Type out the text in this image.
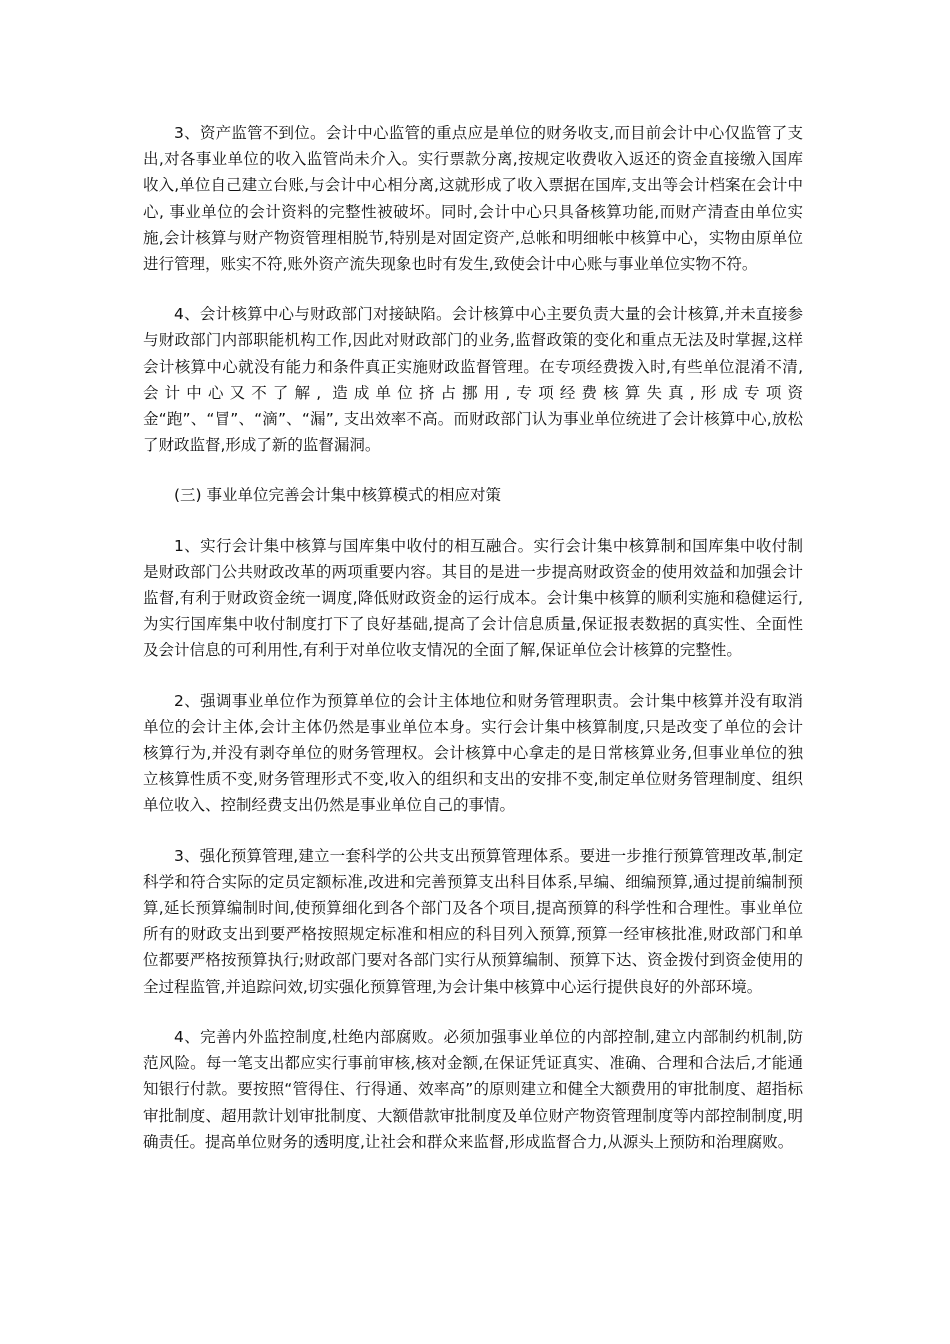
3、资产监管不到位。会计中心监管的重点应是单位的财务收支,而目前会计中心仅监管了支出,对各事业单位的收入监管尚未介入。实行票款分离,按规定收费收入返还的资金直接缴入国库收入,单位自己建立台账,与会计中心相分离,这就形成了收入票据在国库,支出等会计档案在会计中心, 事业单位的会计资料的完整性被破坏。同时,会计中心只具备核算功能,而财产清查由单位实施,会计核算与财产物资管理相脱节,特别是对固定资产,总帐和明细帐中核算中心，实物由原单位进行管理，账实不符,账外资产流失现象也时有发生,致使会计中心账与事业单位实物不符。

4、会计核算中心与财政部门对接缺陷。会计核算中心主要负责大量的会计核算,并未直接参与财政部门内部职能机构工作,因此对财政部门的业务,监督政策的变化和重点无法及时掌握,这样会计核算中心就没有能力和条件真正实施财政监督管理。在专项经费拨入时,有些单位混淆不清,会计中心又不了解, 造成单位挤占挪用,专项经费核算失真,形成专项资金“跑”、“冒”、“滴”、“漏”, 支出效率不高。而财政部门认为事业单位统进了会计核算中心,放松了财政监督,形成了新的监督漏洞。

(三) 事业单位完善会计集中核算模式的相应对策

1、实行会计集中核算与国库集中收付的相互融合。实行会计集中核算制和国库集中收付制是财政部门公共财政改革的两项重要内容。其目的是进一步提高财政资金的使用效益和加强会计监督,有利于财政资金统一调度,降低财政资金的运行成本。会计集中核算的顺利实施和稳健运行,为实行国库集中收付制度打下了良好基础,提高了会计信息质量,保证报表数据的真实性、全面性及会计信息的可利用性,有利于对单位收支情况的全面了解,保证单位会计核算的完整性。

2、强调事业单位作为预算单位的会计主体地位和财务管理职责。会计集中核算并没有取消单位的会计主体,会计主体仍然是事业单位本身。实行会计集中核算制度,只是改变了单位的会计核算行为,并没有剥夺单位的财务管理权。会计核算中心拿走的是日常核算业务,但事业单位的独立核算性质不变,财务管理形式不变,收入的组织和支出的安排不变,制定单位财务管理制度、组织单位收入、控制经费支出仍然是事业单位自己的事情。

3、强化预算管理,建立一套科学的公共支出预算管理体系。要进一步推行预算管理改革,制定科学和符合实际的定员定额标准,改进和完善预算支出科目体系,早编、细编预算,通过提前编制预算,延长预算编制时间,使预算细化到各个部门及各个项目,提高预算的科学性和合理性。事业单位所有的财政支出到要严格按照规定标准和相应的科目列入预算,预算一经审核批准,财政部门和单位都要严格按预算执行;财政部门要对各部门实行从预算编制、预算下达、资金拨付到资金使用的全过程监管,并追踪问效,切实强化预算管理,为会计集中核算中心运行提供良好的外部环境。

4、完善内外监控制度,杜绝内部腐败。必须加强事业单位的内部控制,建立内部制约机制,防范风险。每一笔支出都应实行事前审核,核对金额,在保证凭证真实、准确、合理和合法后,才能通知银行付款。要按照“管得住、行得通、效率高”的原则建立和健全大额费用的审批制度、超指标审批制度、超用款计划审批制度、大额借款审批制度及单位财产物资管理制度等内部控制制度,明确责任。提高单位财务的透明度,让社会和群众来监督,形成监督合力,从源头上预防和治理腐败。
